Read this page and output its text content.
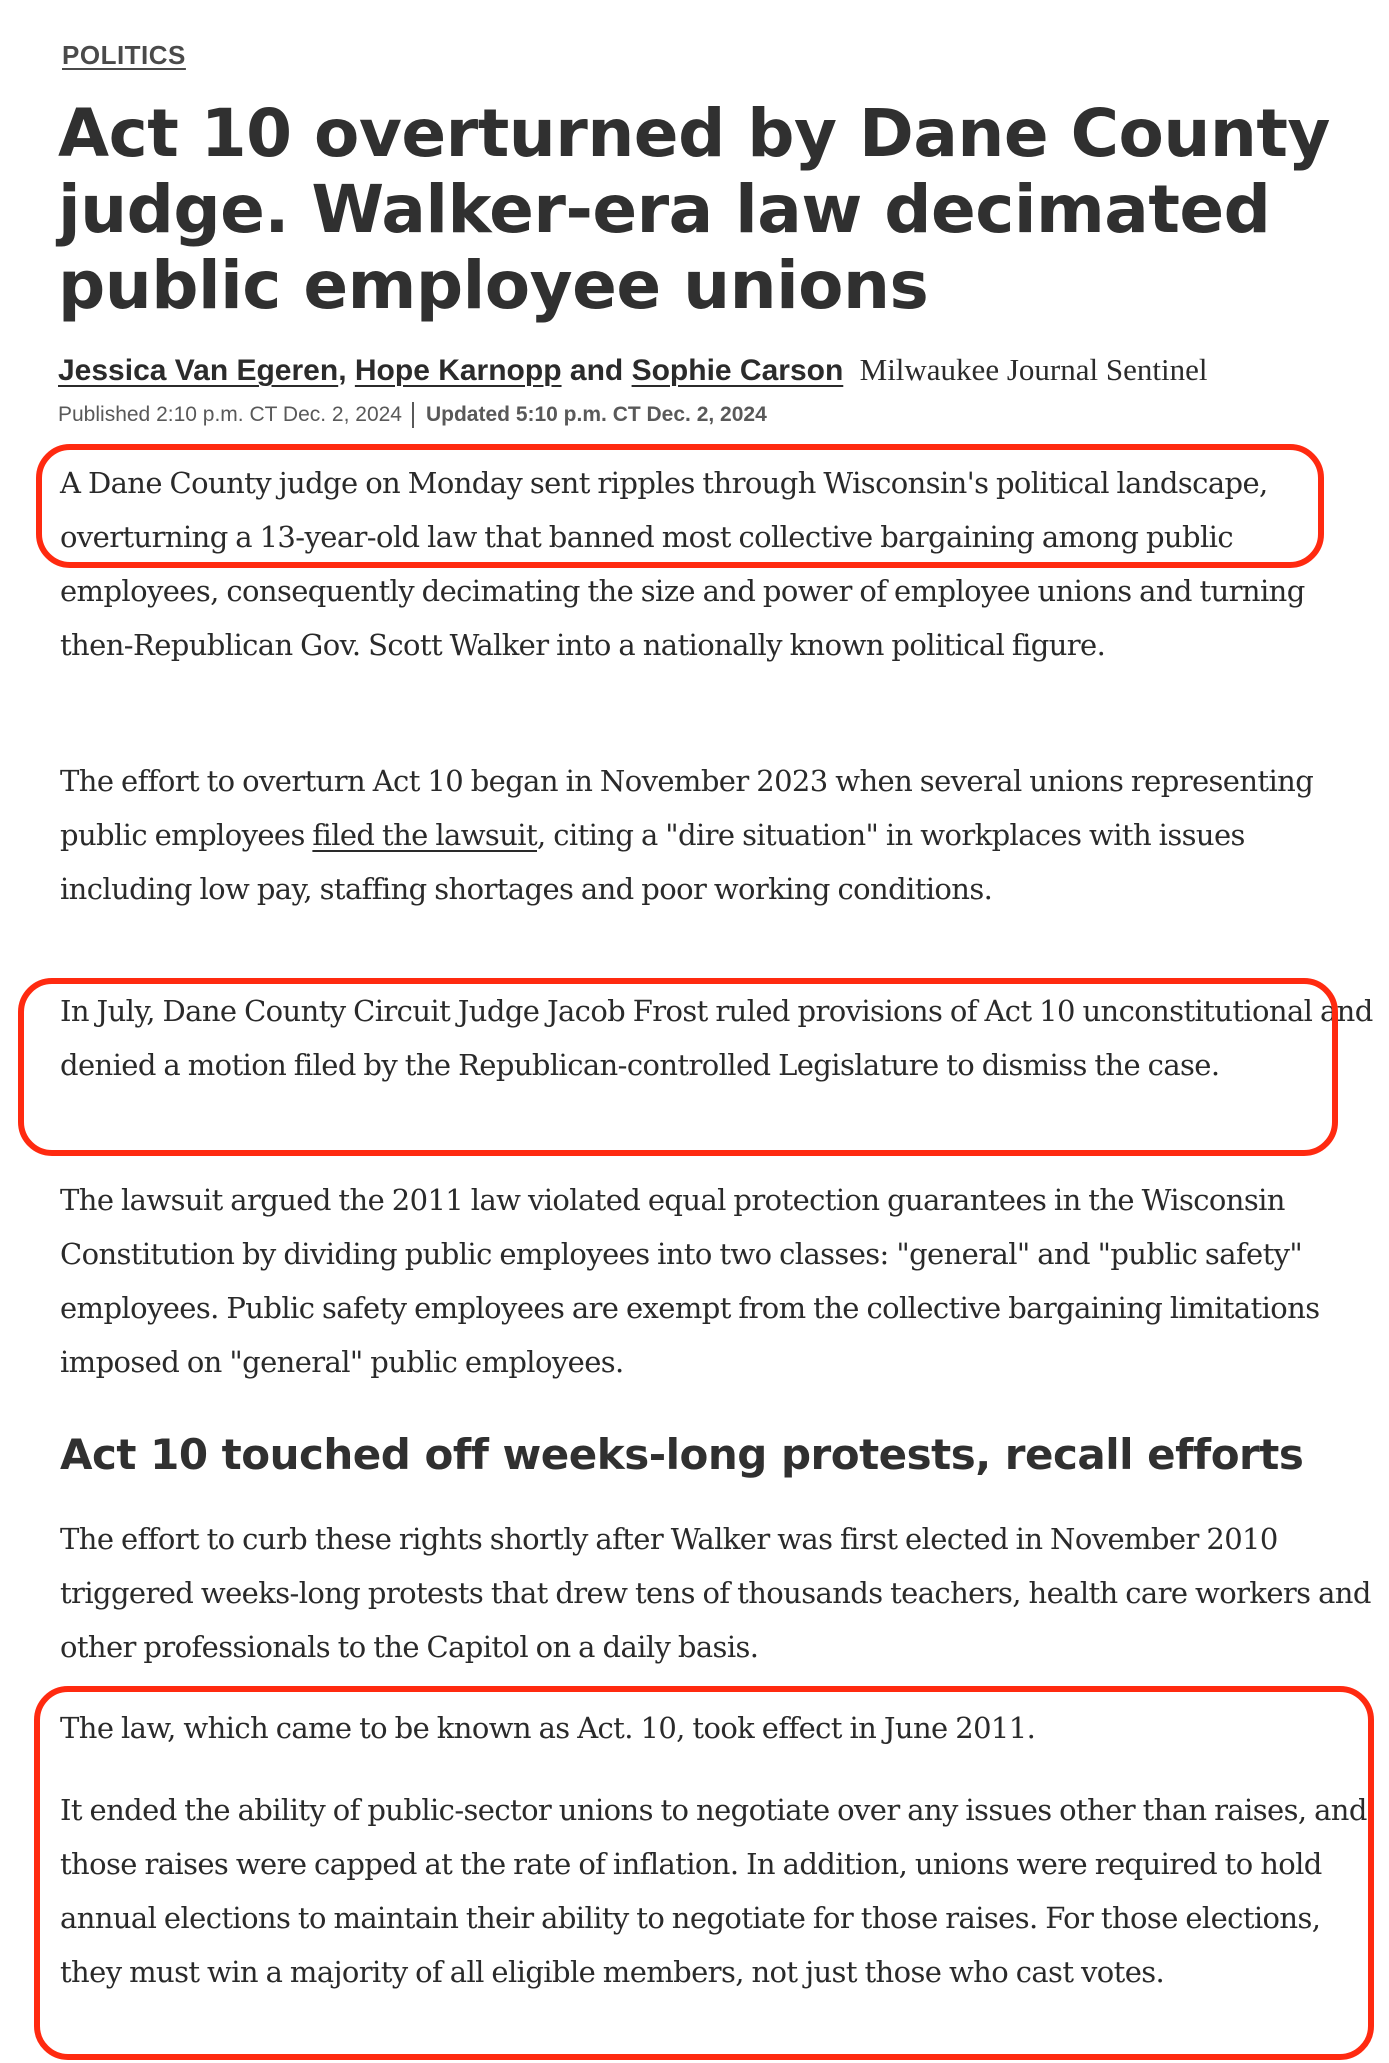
POLITICS
Act 10 overturned by Dane County judge. Walker-era law decimated public employee unions
Jessica Van Egeren, Hope Karnopp and Sophie Carson Milwaukee Journal Sentinel
Published 2:10 p.m. CT Dec. 2, 2024 Updated 5:10 p.m. CT Dec. 2, 2024

A Dane County judge on Monday sent ripples through Wisconsin's political landscape, overturning a 13-year-old law that banned most collective bargaining among public employees, consequently decimating the size and power of employee unions and turning then-Republican Gov. Scott Walker into a nationally known political figure.

The effort to overturn Act 10 began in November 2023 when several unions representing public employees filed the lawsuit, citing a "dire situation" in workplaces with issues including low pay, staffing shortages and poor working conditions.

In July, Dane County Circuit Judge Jacob Frost ruled provisions of Act 10 unconstitutional and denied a motion filed by the Republican-controlled Legislature to dismiss the case.

The lawsuit argued the 2011 law violated equal protection guarantees in the Wisconsin Constitution by dividing public employees into two classes: "general" and "public safety" employees. Public safety employees are exempt from the collective bargaining limitations imposed on "general" public employees.

Act 10 touched off weeks-long protests, recall efforts

The effort to curb these rights shortly after Walker was first elected in November 2010 triggered weeks-long protests that drew tens of thousands teachers, health care workers and other professionals to the Capitol on a daily basis.

The law, which came to be known as Act. 10, took effect in June 2011.

It ended the ability of public-sector unions to negotiate over any issues other than raises, and those raises were capped at the rate of inflation. In addition, unions were required to hold annual elections to maintain their ability to negotiate for those raises. For those elections, they must win a majority of all eligible members, not just those who cast votes.
